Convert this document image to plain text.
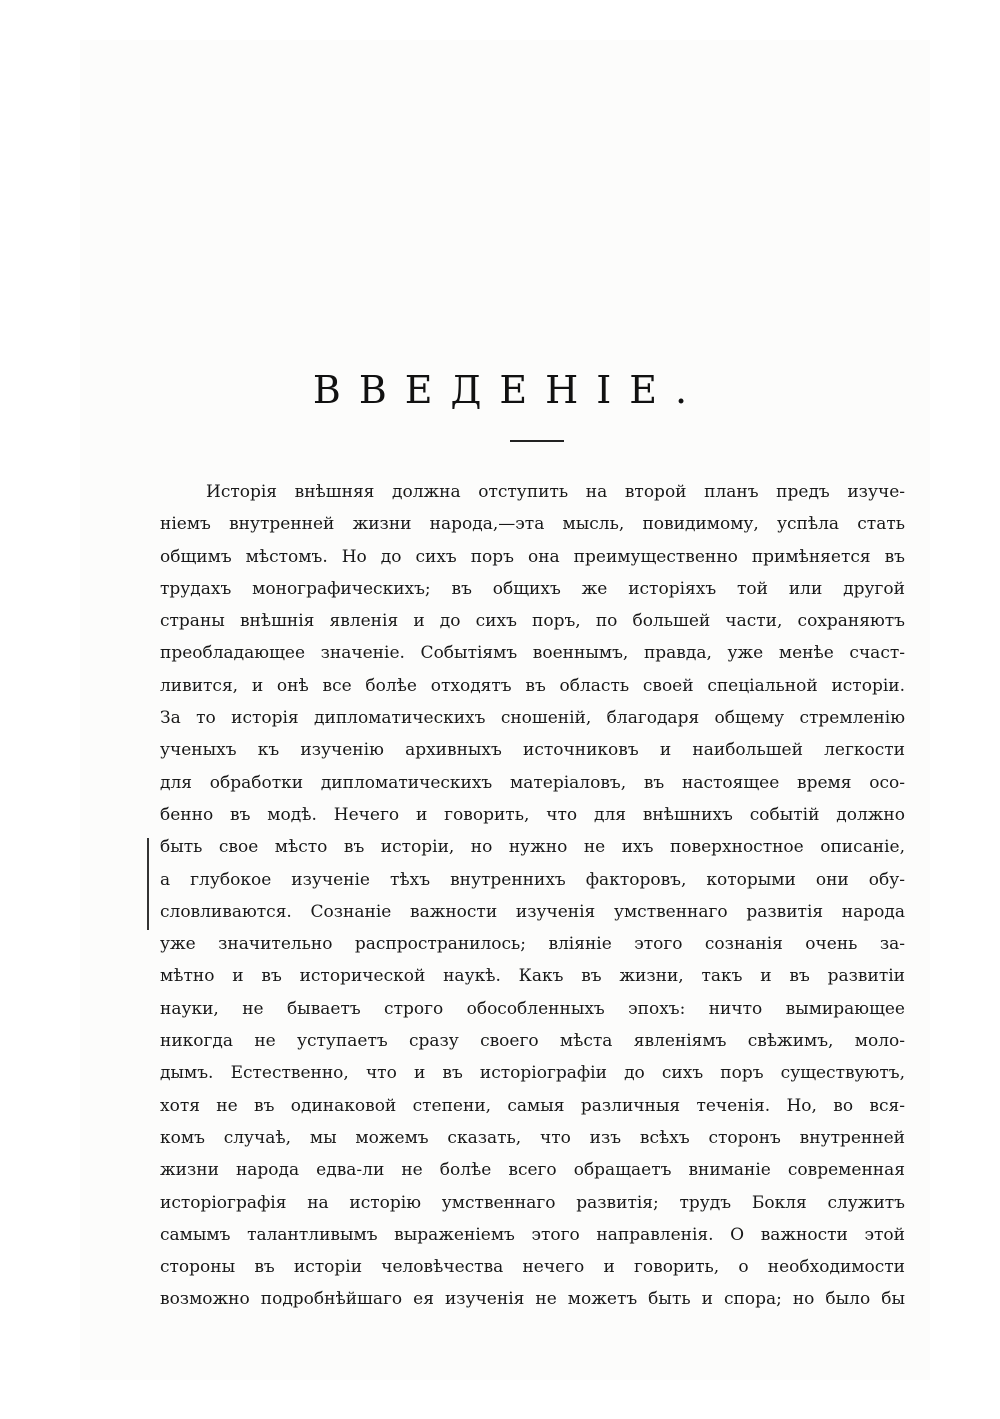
ВВЕДЕНІЕ.
Исторія внѣшняя должна отступить на второй планъ предъ изуче-
ніемъ внутренней жизни народа,—эта мысль, повидимому, успѣла стать
общимъ мѣстомъ. Но до сихъ поръ она преимущественно примѣняется въ
трудахъ монографическихъ; въ общихъ же исторіяхъ той или другой
страны внѣшнія явленія и до сихъ поръ, по большей части, сохраняютъ
преобладающее значеніе. Событіямъ военнымъ, правда, уже менѣе счаст-
ливится, и онѣ все болѣе отходятъ въ область своей спеціальной исторіи.
За то исторія дипломатическихъ сношеній, благодаря общему стремленію
ученыхъ къ изученію архивныхъ источниковъ и наибольшей легкости
для обработки дипломатическихъ матеріаловъ, въ настоящее время осо-
бенно въ модѣ. Нечего и говорить, что для внѣшнихъ событій должно
быть свое мѣсто въ исторіи, но нужно не ихъ поверхностное описаніе,
а глубокое изученіе тѣхъ внутреннихъ факторовъ, которыми они обу-
словливаются. Сознаніе важности изученія умственнаго развитія народа
уже значительно распространилось; вліяніе этого сознанія очень за-
мѣтно и въ исторической наукѣ. Какъ въ жизни, такъ и въ развитіи
науки, не бываетъ строго обособленныхъ эпохъ: ничто вымирающее
никогда не уступаетъ сразу своего мѣста явленіямъ свѣжимъ, моло-
дымъ. Естественно, что и въ исторіографіи до сихъ поръ существуютъ,
хотя не въ одинаковой степени, самыя различныя теченія. Но, во вся-
комъ случаѣ, мы можемъ сказать, что изъ всѣхъ сторонъ внутренней
жизни народа едва-ли не болѣе всего обращаетъ вниманіе современная
исторіографія на исторію умственнаго развитія; трудъ Бокля служитъ
самымъ талантливымъ выраженіемъ этого направленія. О важности этой
стороны въ исторіи человѣчества нечего и говорить, о необходимости
возможно подробнѣйшаго ея изученія не можетъ быть и спора; но было бы
